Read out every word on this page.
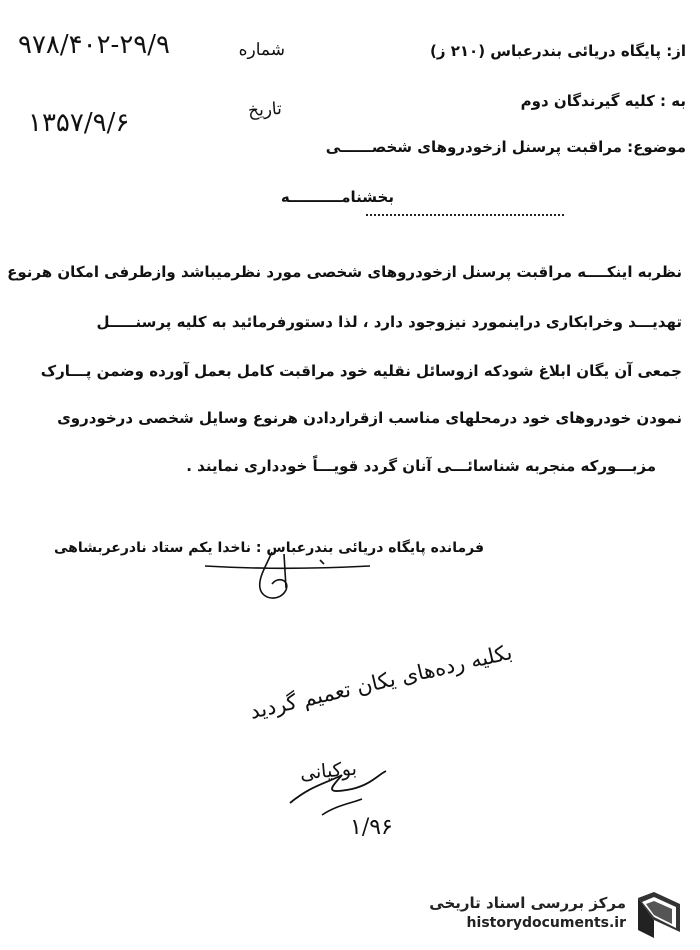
از: پایگاه دریائی بندرعباس (۲۱۰ ز)
شماره
۹۷۸/۴۰۲-۲۹/۹
به : کلیه گیرندگان دوم
تاریخ
۱۳۵۷/۹/۶
موضوع: مراقبت پرسنل ازخودروهای شخصــــــی
بخشنامــــــــــه
نظربه اینکــــه مراقبت پرسنل ازخودروهای شخصی مورد نظرمیباشد وازطرفی امکان هرنوع
تهدیـــد وخرابکاری دراینمورد نیزوجود دارد ، لذا دستورفرمائید به کلیه پرسنـــــل
جمعی آن یگان ابلاغ شودکه ازوسائل نقلیه خود مراقبت کامل بعمل آورده وضمن پـــارک
نمودن خودروهای خود درمحلهای مناسب ازقراردادن هرنوع وسایل شخصی درخودروی
مزبـــورکه منجربه شناسائـــی آنان گردد قویـــاً خودداری نمایند .
فرمانده پایگاه دریائی بندرعباس : ناخدا یکم ستاد نادرعربشاهی
بکلیه رده‌های یکان تعمیم گردید
بوکیانی
۱/۹۶
مرکز بررسی اسناد تاریخی
historydocuments.ir
